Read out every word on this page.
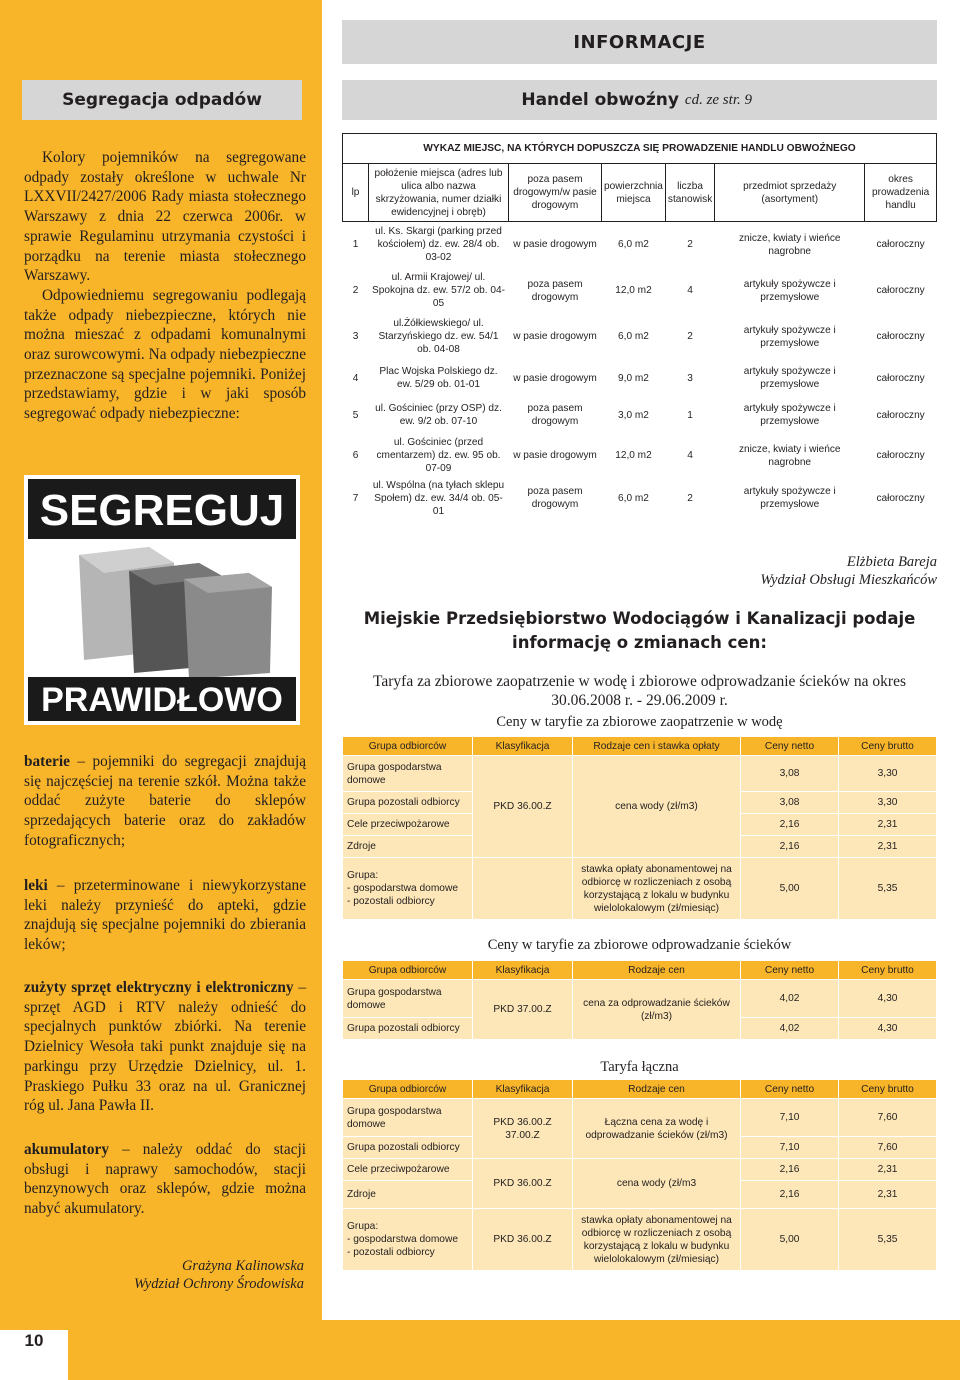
10
INFORMACJE
Segregacja odpadów	Handel obwoźny cd. ze str. 9
Kolory pojemników na segregowane odpady zostały określone w uchwale Nr LXXVII/2427/2006 Rady miasta stołecznego Warszawy z dnia 22 czerwca 2006r. w sprawie Regulaminu utrzymania czystości i porządku na terenie miasta stołecznego Warszawy.
Odpowiedniemu segregowaniu podlegają także odpady niebezpieczne, których nie można mieszać z odpadami komunalnymi oraz surowcowymi. Na odpady niebezpieczne przeznaczone są specjalne pojemniki. Poniżej przedstawiamy, gdzie i w jaki sposób segregować odpady niebezpieczne:
SEGREGUJ
PRAWIDŁOWO
baterie – pojemniki do segregacji znajdują się najczęściej na terenie szkół. Można także oddać zużyte baterie do sklepów sprzedających baterie oraz do zakładów fotograficznych;
leki – przeterminowane i niewykorzystane leki należy przynieść do apteki, gdzie znajdują się specjalne pojemniki do zbierania leków;
zużyty sprzęt elektryczny i elektroniczny – sprzęt AGD i RTV należy odnieść do specjalnych punktów zbiórki. Na terenie Dzielnicy Wesoła taki punkt znajduje się na parkingu przy Urzędzie Dzielnicy, ul. 1. Praskiego Pułku 33 oraz na ul. Granicznej róg ul. Jana Pawła II.
akumulatory – należy oddać do stacji obsługi i naprawy samochodów, stacji benzynowych oraz sklepów, gdzie można nabyć akumulatory.
Grażyna Kalinowska
Wydział Ochrony Środowiska
WYKAZ MIEJSC, NA KTÓRYCH DOPUSZCZA SIĘ PROWADZENIE HANDLU OBWOŹNEGO						
lp	położenie miejsca (adres lub ulica albo nazwa skrzyżowania, numer działki ewidencyjnej i obręb)	poza pasem drogowym/w pasie drogowym	powierzchnia miejsca	liczba stanowisk	przedmiot sprzedaży (asortyment)	okres prowadzenia handlu
1	ul. Ks. Skargi (parking przed kościołem) dz. ew. 28/4 ob. 03-02	w pasie drogowym	6,0 m2	2	znicze, kwiaty i wieńce nagrobne	całoroczny
2	ul. Armii Krajowej/ ul. Spokojna dz. ew. 57/2 ob. 04-05	poza pasem drogowym	12,0 m2	4	artykuły spożywcze i przemysłowe	całoroczny
3	ul.Żółkiewskiego/ ul. Starzyńskiego dz. ew. 54/1 ob. 04-08	w pasie drogowym	6,0 m2	2	artykuły spożywcze i przemysłowe	całoroczny
4	Plac Wojska Polskiego dz. ew. 5/29 ob. 01-01	w pasie drogowym	9,0 m2	3	artykuły spożywcze i przemysłowe	całoroczny
5	ul. Gościniec (przy OSP) dz. ew. 9/2 ob. 07-10	poza pasem drogowym	3,0 m2	1	artykuły spożywcze i przemysłowe	całoroczny
6	ul. Gościniec (przed cmentarzem) dz. ew. 95 ob. 07-09	w pasie drogowym	12,0 m2	4	znicze, kwiaty i wieńce nagrobne	całoroczny
7	ul. Wspólna (na tyłach sklepu Społem) dz. ew. 34/4 ob. 05-01	poza pasem drogowym	6,0 m2	2	artykuły spożywcze i przemysłowe	całoroczny
Elżbieta Bareja
Wydział Obsługi Mieszkańców
Miejskie Przedsiębiorstwo Wodociągów i Kanalizacji podaje informację o zmianach cen:
Taryfa za zbiorowe zaopatrzenie w wodę i zbiorowe odprowadzanie ścieków na okres 30.06.2008 r. - 29.06.2009 r.
Ceny w taryfie za zbiorowe zaopatrzenie w wodę
Grupa odbiorców	Klasyfikacja	Rodzaje cen i stawka opłaty	Ceny netto	Ceny brutto
Grupa gospodarstwa domowe	PKD 36.00.Z	cena wody (zł/m3)	3,08	3,30
Grupa pozostali odbiorcy			3,08	3,30
Cele przeciwpożarowe			2,16	2,31
Zdroje			2,16	2,31
Grupa:
- gospodarstwa domowe
- pozostali odbiorcy		stawka opłaty abonamentowej na odbiorcę w rozliczeniach z osobą korzystającą z lokalu w budynku wielolokalowym (zł/miesiąc)	5,00	5,35
Ceny w taryfie za zbiorowe odprowadzanie ścieków
Grupa odbiorców	Klasyfikacja	Rodzaje cen	Ceny netto	Ceny brutto
Grupa gospodarstwa domowe	PKD 37.00.Z	cena za odprowadzanie ścieków (zł/m3)	4,02	4,30
Grupa pozostali odbiorcy			4,02	4,30
Taryfa łączna
Grupa odbiorców	Klasyfikacja	Rodzaje cen	Ceny netto	Ceny brutto
Grupa gospodarstwa domowe	PKD 36.00.Z 37.00.Z	Łączna cena za wodę i odprowadzanie ścieków (zł/m3)	7,10	7,60
Grupa pozostali odbiorcy			7,10	7,60
Cele przeciwpożarowe	PKD 36.00.Z	cena wody (zł/m3	2,16	2,31
Zdroje			2,16	2,31
Grupa:
- gospodarstwa domowe
- pozostali odbiorcy	PKD 36.00.Z	stawka opłaty abonamentowej na odbiorcę w rozliczeniach z osobą korzystającą z lokalu w budynku wielolokalowym (zł/miesiąc)	5,00	5,35
